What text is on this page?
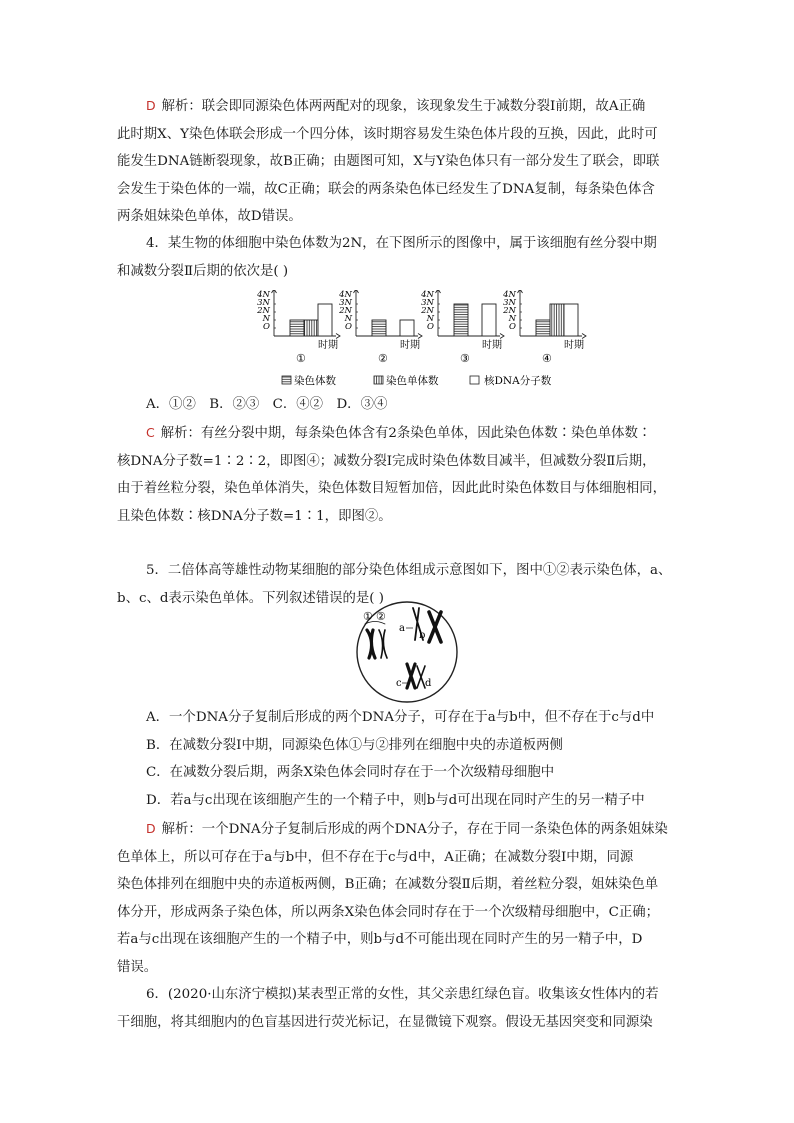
D 解析：联会即同源染色体两两配对的现象，该现象发生于减数分裂Ⅰ前期，故A正确

此时期X、Y染色体联会形成一个四分体，该时期容易发生染色体片段的互换，因此，此时可

能发生DNA链断裂现象，故B正确；由题图可知，X与Y染色体只有一部分发生了联会，即联

会发生于染色体的一端，故C正确；联会的两条染色体已经发生了DNA复制，每条染色体含

两条姐妹染色单体，故D错误。

4．某生物的体细胞中染色体数为2N，在下图所示的图像中，属于该细胞有丝分裂中期

和减数分裂Ⅱ后期的依次是( )

4N
3N
2N
N
O
时期
①
4N
3N
2N
N
O
时期
②
4N
3N
2N
N
O
时期
③
4N
3N
2N
N
O
时期
④
染色体数	染色单体数	核DNA分子数

A．①②　B．②③　C．④②　D．③④

C 解析：有丝分裂中期，每条染色体含有2条染色单体，因此染色体数∶染色单体数∶

核DNA分子数=1∶2∶2，即图④；减数分裂Ⅰ完成时染色体数目减半，但减数分裂Ⅱ后期，

由于着丝粒分裂，染色单体消失，染色体数目短暂加倍，因此此时染色体数目与体细胞相同，

且染色体数∶核DNA分子数=1∶1，即图②。

5．二倍体高等雄性动物某细胞的部分染色体组成示意图如下，图中①②表示染色体，a、

b、c、d表示染色单体。下列叙述错误的是( )

① ②
a
b
c d

A．一个DNA分子复制后形成的两个DNA分子，可存在于a与b中，但不存在于c与d中

B．在减数分裂Ⅰ中期，同源染色体①与②排列在细胞中央的赤道板两侧

C．在减数分裂后期，两条X染色体会同时存在于一个次级精母细胞中

D．若a与c出现在该细胞产生的一个精子中，则b与d可出现在同时产生的另一精子中

D 解析：一个DNA分子复制后形成的两个DNA分子，存在于同一条染色体的两条姐妹染

色单体上，所以可存在于a与b中，但不存在于c与d中，A正确；在减数分裂Ⅰ中期，同源

染色体排列在细胞中央的赤道板两侧，B正确；在减数分裂Ⅱ后期，着丝粒分裂，姐妹染色单

体分开，形成两条子染色体，所以两条X染色体会同时存在于一个次级精母细胞中，C正确；

若a与c出现在该细胞产生的一个精子中，则b与d不可能出现在同时产生的另一精子中，D

错误。

6．(2020·山东济宁模拟)某表型正常的女性，其父亲患红绿色盲。收集该女性体内的若

干细胞，将其细胞内的色盲基因进行荧光标记，在显微镜下观察。假设无基因突变和同源染
